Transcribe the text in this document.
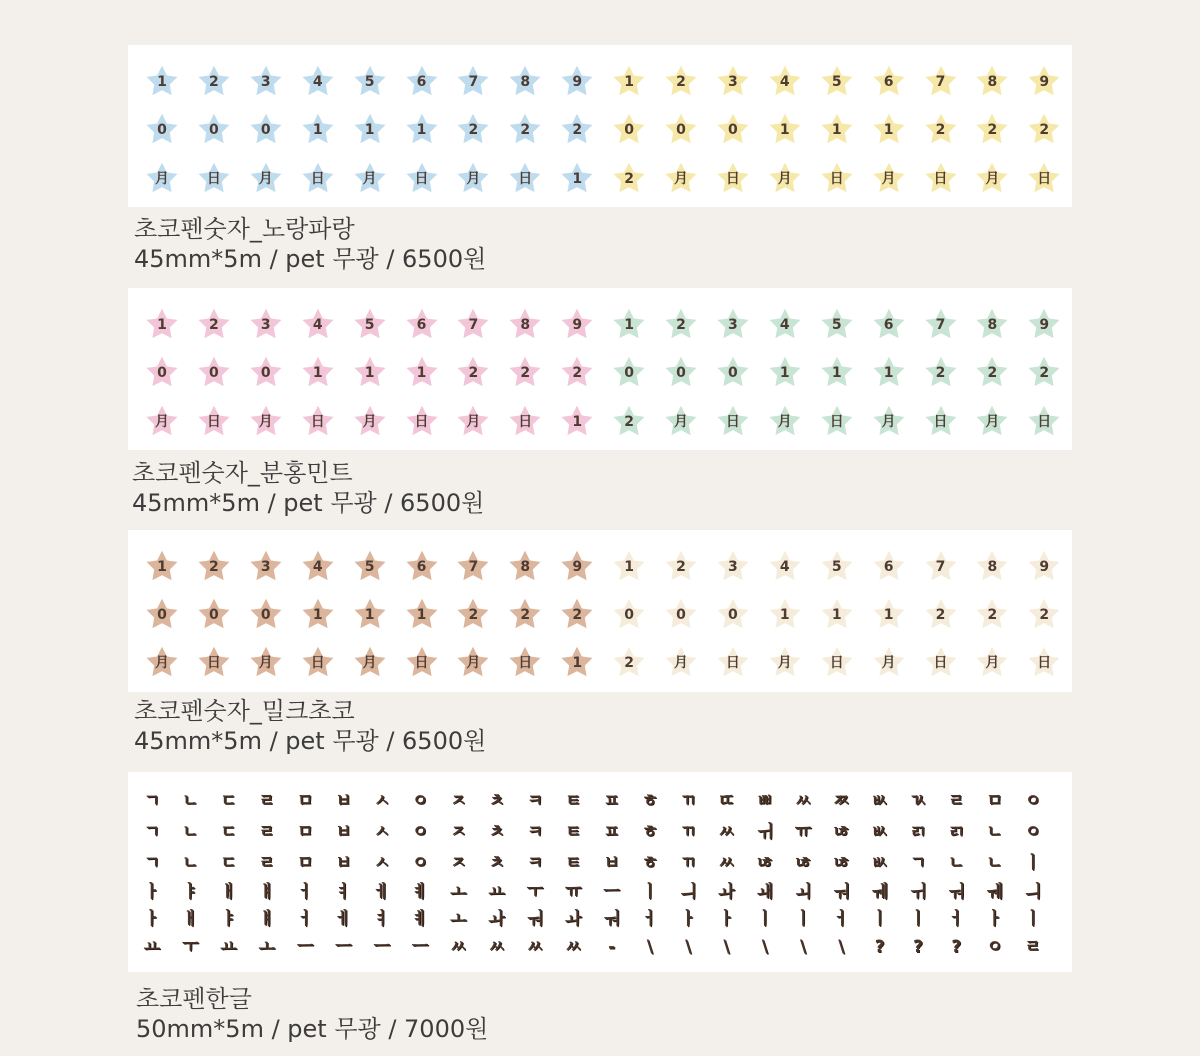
1	2	3	4	5	6	7	8	9	1	2	3	4	5	6	7	8	9
0	0	0	1	1	1	2	2	2	0	0	0	1	1	1	2	2	2
月	日	月	日	月	日	月	日	1	2	月	日	月	日	月	日	月	日
초코펜숫자_노랑파랑
45mm*5m / pet 무광 / 6500원
1	2	3	4	5	6	7	8	9	1	2	3	4	5	6	7	8	9
0	0	0	1	1	1	2	2	2	0	0	0	1	1	1	2	2	2
月	日	月	日	月	日	月	日	1	2	月	日	月	日	月	日	月	日
초코펜숫자_분홍민트
45mm*5m / pet 무광 / 6500원
1	2	3	4	5	6	7	8	9	1	2	3	4	5	6	7	8	9
0	0	0	1	1	1	2	2	2	0	0	0	1	1	1	2	2	2
月	日	月	日	月	日	月	日	1	2	月	日	月	日	月	日	月	日
초코펜숫자_밀크초코
45mm*5m / pet 무광 / 6500원
ㄱ	ㄴ	ㄷ	ㄹ	ㅁ	ㅂ	ㅅ	ㅇ	ㅈ	ㅊ	ㅋ	ㅌ	ㅍ	ㅎ	ㄲ	ㄸ	ㅃ	ㅆ	ㅉ	ㅄ	ㄳ	ㄹ	ㅁ	ㅇ
ㄱ	ㄴ	ㄷ	ㄹ	ㅁ	ㅂ	ㅅ	ㅇ	ㅈ	ㅊ	ㅋ	ㅌ	ㅍ	ㅎ	ㄲ	ㅆ	ㅟ	ㅠ	ㄶ	ㅄ	ㄺ	ㄺ	ㄴ	ㅇ
ㄱ	ㄴ	ㄷ	ㄹ	ㅁ	ㅂ	ㅅ	ㅇ	ㅈ	ㅊ	ㅋ	ㅌ	ㅂ	ㅎ	ㄲ	ㅆ	ㄶ	ㄶ	ㄶ	ㅄ	ㄱ	ㄴ	ㄴ	ㅣ
ㅏ	ㅑ	ㅐ	ㅒ	ㅓ	ㅕ	ㅔ	ㅖ	ㅗ	ㅛ	ㅜ	ㅠ	ㅡ	ㅣ	ㅢ	ㅘ	ㅙ	ㅚ	ㅝ	ㅞ	ㅟ	ㅝ	ㅞ	ㅢ
ㅏ	ㅐ	ㅑ	ㅒ	ㅓ	ㅔ	ㅕ	ㅖ	ㅗ	ㅘ	ㅝ	ㅘ	ㅝ	ㅓ	ㅏ	ㅏ	ㅣ	ㅣ	ㅓ	ㅣ	ㅣ	ㅓ	ㅏ	ㅣ
ㅛ	ㅜ	ㅛ	ㅗ	ㅡ	ㅡ	ㅡ	ㅡ	ㅆ	ㅆ	ㅆ	ㅆ	-	\	\	\	\	\	\	?	?	?	ㅇ	ㄹ
초코펜한글
50mm*5m / pet 무광 / 7000원
